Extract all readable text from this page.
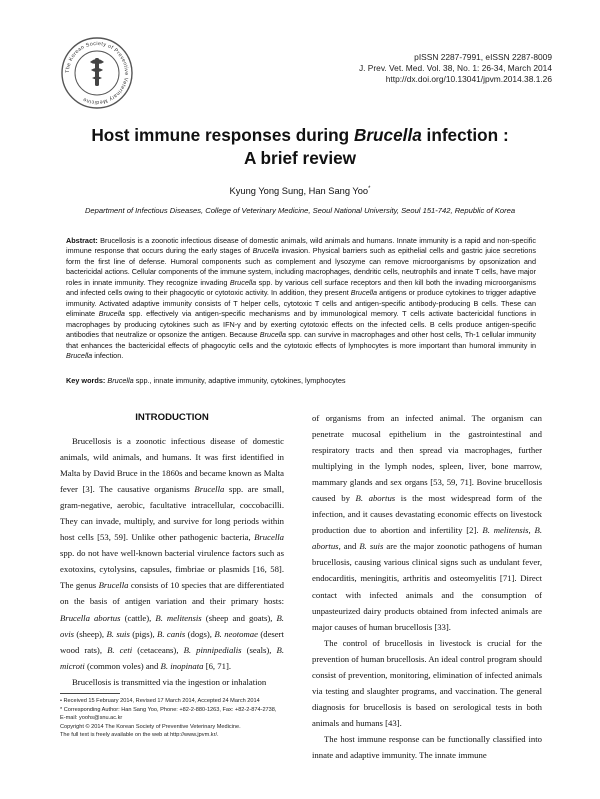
The Korean Society of Preventive Veterinary Medicine
pISSN 2287-7991, eISSN 2287-8009
J. Prev. Vet. Med. Vol. 38, No. 1: 26-34, March 2014
http://dx.doi.org/10.13041/jpvm.2014.38.1.26
Host immune responses during Brucella infection :
A brief review
Kyung Yong Sung, Han Sang Yoo*
Department of Infectious Diseases, College of Veterinary Medicine, Seoul National University, Seoul 151-742, Republic of Korea
Abstract: Brucellosis is a zoonotic infectious disease of domestic animals, wild animals and humans. Innate immunity is a rapid and non-specific immune response that occurs during the early stages of Brucella invasion. Physical barriers such as epithelial cells and gastric juice secretions form the first line of defense. Humoral components such as complement and lysozyme can remove microorganisms by opsonization and bactericidal actions. Cellular components of the immune system, including macrophages, dendritic cells, neutrophils and innate T cells, have major roles in innate immunity. They recognize invading Brucella spp. by various cell surface receptors and then kill both the invading microorganisms and infected cells owing to their phagocytic or cytotoxic activity. In addition, they present Brucella antigens or produce cytokines to trigger adaptive immunity. Activated adaptive immunity consists of T helper cells, cytotoxic T cells and antigen-specific antibody-producing B cells. These can eliminate Brucella spp. effectively via antigen-specific mechanisms and by immunological memory. T cells activate bactericidal functions in macrophages by producing cytokines such as IFN-γ and by exerting cytotoxic effects on the infected cells. B cells produce antigen-specific antibodies that neutralize or opsonize the antigen. Because Brucella spp. can survive in macrophages and other host cells, Th-1 cellular immunity that enhances the bactericidal effects of phagocytic cells and the cytotoxic effects of lymphocytes is more important than humoral immunity in Brucella infection.
Key words: Brucella spp., innate immunity, adaptive immunity, cytokines, lymphocytes
INTRODUCTION

Brucellosis is a zoonotic infectious disease of domestic animals, wild animals, and humans. It was first identified in Malta by David Bruce in the 1860s and became known as Malta fever [3]. The causative organisms Brucella spp. are small, gram-negative, aerobic, facultative intracellular, coccobacilli. They can invade, multiply, and survive for long periods within host cells [53, 59]. Unlike other pathogenic bacteria, Brucella spp. do not have well-known bacterial virulence factors such as exotoxins, cytolysins, capsules, fimbriae or plasmids [16, 58]. The genus Brucella consists of 10 species that are differentiated on the basis of antigen variation and their primary hosts: Brucella abortus (cattle), B. melitensis (sheep and goats), B. ovis (sheep), B. suis (pigs), B. canis (dogs), B. neotomae (desert wood rats), B. ceti (cetaceans), B. pinnipedialis (seals), B. microti (common voles) and B. inopinata [6, 71].

Brucellosis is transmitted via the ingestion or inhalation

of organisms from an infected animal. The organism can penetrate mucosal epithelium in the gastrointestinal and respiratory tracts and then spread via macrophages, further multiplying in the lymph nodes, spleen, liver, bone marrow, mammary glands and sex organs [53, 59, 71]. Bovine brucellosis caused by B. abortus is the most widespread form of the infection, and it causes devastating economic effects on livestock production due to abortion and infertility [2]. B. melitensis, B. abortus, and B. suis are the major zoonotic pathogens of human brucellosis, causing various clinical signs such as undulant fever, endocarditis, meningitis, arthritis and osteomyelitis [71]. Direct contact with infected animals and the consumption of unpasteurized dairy products obtained from infected animals are major causes of human brucellosis [33].

The control of brucellosis in livestock is crucial for the prevention of human brucellosis. An ideal control program should consist of prevention, monitoring, elimination of infected animals via testing and slaughter programs, and vaccination. The general diagnosis for brucellosis is based on serological tests in both animals and humans [43].

The host immune response can be functionally classified into innate and adaptive immunity. The innate immune

• Received 15 February 2014, Revised 17 March 2014, Accepted 24 March 2014
* Corresponding Author: Han Sang Yoo, Phone: +82-2-880-1263, Fax: +82-2-874-2738,
E-mail: yoohs@snu.ac.kr
Copyright © 2014 The Korean Society of Preventive Veterinary Medicine.
The full text is freely available on the web at http://www.jpvm.kr/.
